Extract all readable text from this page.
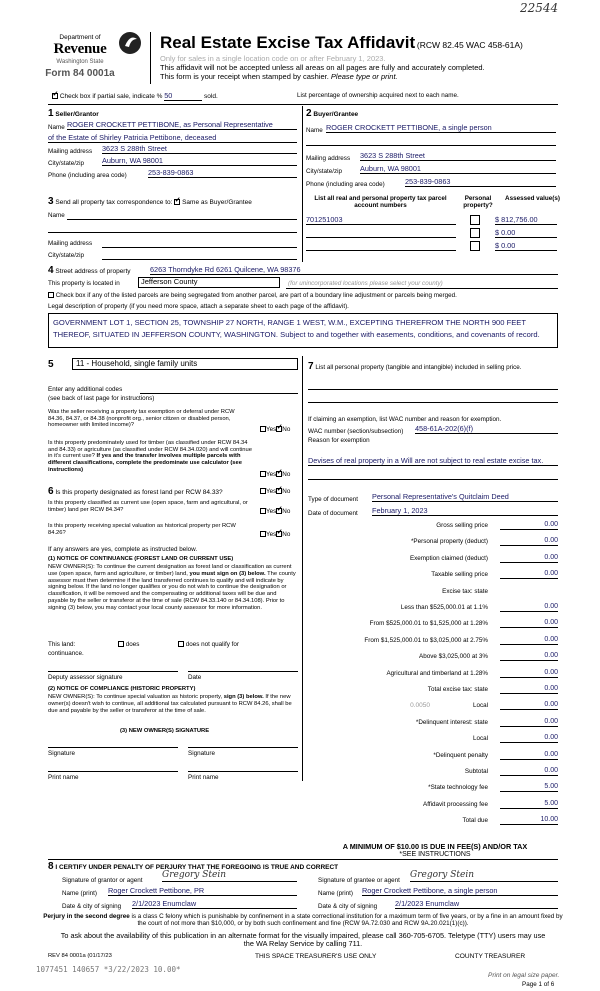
22544
Department of
Revenue
Washington State
Form 84 0001a
Real Estate Excise Tax Affidavit (RCW 82.45 WAC 458-61A)
Only for sales in a single location code on or after February 1, 2023.
This affidavit will not be accepted unless all areas on all pages are fully and accurately completed.
This form is your receipt when stamped by cashier. Please type or print.
✓ Check box if partial sale, indicate % 50	sold.	List percentage of ownership acquired next to each name.
1 Seller/Grantor
Name ROGER CROCKETT PETTIBONE, as Personal Representative
of the Estate of Shirley Patricia Pettibone, deceased
Mailing address 3623 S 288th Street
City/state/zip Auburn, WA 98001
Phone (including area code)	253-839-0863
2 Buyer/Grantee
Name ROGER CROCKETT PETTIBONE, a single person
Mailing address 3623 S 288th Street
City/state/zip Auburn, WA 98001
Phone (including area code)	253-839-0863
3 Send all property tax correspondence to: ✓ Same as Buyer/Grantee
Name
Mailing address
City/state/zip
List all real and personal property tax parcel account numbers
Personal property?
Assessed value(s)
701251003	$ 812,756.00
$ 0.00
$ 0.00
4 Street address of property	6263 Thorndyke Rd 6261 Quilcene, WA 98376
This property is located in	Jefferson County	(for unincorporated locations please select your county)
Check box if any of the listed parcels are being segregated from another parcel, are part of a boundary line adjustment or parcels being merged.
Legal description of property (if you need more space, attach a separate sheet to each page of the affidavit).
GOVERNMENT LOT 1, SECTION 25, TOWNSHIP 27 NORTH, RANGE 1 WEST, W.M., EXCEPTING THEREFROM THE NORTH 900 FEET THEREOF, SITUATED IN JEFFERSON COUNTY, WASHINGTON. Subject to and together with easements, conditions, and covenants of record.
5	11 - Household, single family units
Enter any additional codes
(see back of last page for instructions)
Was the seller receiving a property tax exemption or deferral under RCW 84.36, 84.37, or 84.38 (nonprofit org., senior citizen or disabled person, homeowner with limited income)?
Yes ✓ No
Is this property predominately used for timber (as classified under RCW 84.34 and 84.33) or agriculture (as classified under RCW 84.34.020) and will continue in it's current use? If yes and the transfer involves multiple parcels with different classifications, complete the predominate use calculator (see instructions)
Yes ✓ No
6 Is this property designated as forest land per RCW 84.33?	Yes ✓ No
Is this property classified as current use (open space, farm and agricultural, or timber) land per RCW 84.34?	Yes ✓ No
Is this property receiving special valuation as historical property per RCW 84.26?	Yes ✓ No
If any answers are yes, complete as instructed below.
(1) NOTICE OF CONTINUANCE (FOREST LAND OR CURRENT USE)
NEW OWNER(S): To continue the current designation as forest land or classification as current use (open space, farm and agriculture, or timber) land, you must sign on (3) below. The county assessor must then determine if the land transferred continues to qualify and will indicate by signing below. If the land no longer qualifies or you do not wish to continue the designation or classification, it will be removed and the compensating or additional taxes will be due and payable by the seller or transferor at the time of sale (RCW 84.33.140 or 84.34.108). Prior to signing (3) below, you may contact your local county assessor for more information.
This land:	does	does not qualify for
continuance.
Deputy assessor signature	Date
(2) NOTICE OF COMPLIANCE (HISTORIC PROPERTY)
NEW OWNER(S): To continue special valuation as historic property, sign (3) below. If the new owner(s) doesn't wish to continue, all additional tax calculated pursuant to RCW 84.26, shall be due and payable by the seller or transferor at the time of sale.
(3) NEW OWNER(S) SIGNATURE
Signature	Signature
Print name	Print name
7 List all personal property (tangible and intangible) included in selling price.
If claiming an exemption, list WAC number and reason for exemption.
WAC number (section/subsection) 458-61A-202(6)(f)
Reason for exemption
Devises of real property in a Will are not subject to real estate excise tax.
Type of document Personal Representative's Quitclaim Deed
Date of document February 1, 2023
Gross selling price	0.00
*Personal property (deduct)	0.00
Exemption claimed (deduct)	0.00
Taxable selling price	0.00
Excise tax: state
Less than $525,000.01 at 1.1%	0.00
From $525,000.01 to $1,525,000 at 1.28%	0.00
From $1,525,000.01 to $3,025,000 at 2.75%	0.00
Above $3,025,000 at 3%	0.00
Agricultural and timberland at 1.28%	0.00
Total excise tax: state	0.00
Local
0.0050	0.00
*Delinquent interest: state	0.00
Local	0.00
*Delinquent penalty	0.00
Subtotal	0.00
*State technology fee	5.00
Affidavit processing fee	5.00
Total due	10.00
A MINIMUM OF $10.00 IS DUE IN FEE(S) AND/OR TAX
*SEE INSTRUCTIONS
8 I CERTIFY UNDER PENALTY OF PERJURY THAT THE FOREGOING IS TRUE AND CORRECT
Signature of grantor or agent
Gregory Stein
Name (print) Roger Crockett Pettibone, PR
Date & city of signing 2/1/2023 Enumclaw
Signature of grantee or agent
Gregory Stein
Name (print) Roger Crockett Pettibone, a single person
Date & city of signing 2/1/2023 Enumclaw
Perjury in the second degree is a class C felony which is punishable by confinement in a state correctional institution for a maximum term of five years, or by a fine in an amount fixed by the court of not more than $10,000, or by both such confinement and fine (RCW 9A.72.030 and RCW 9A.20.021(1)(c)).
To ask about the availability of this publication in an alternate format for the visually impaired, please call 360-705-6705. Teletype (TTY) users may use the WA Relay Service by calling 711.
REV 84 0001a (01/17/23	THIS SPACE TREASURER'S USE ONLY	COUNTY TREASURER
1077451 140657 *3/22/2023 10.00*
Print on legal size paper.
Page 1 of 6
